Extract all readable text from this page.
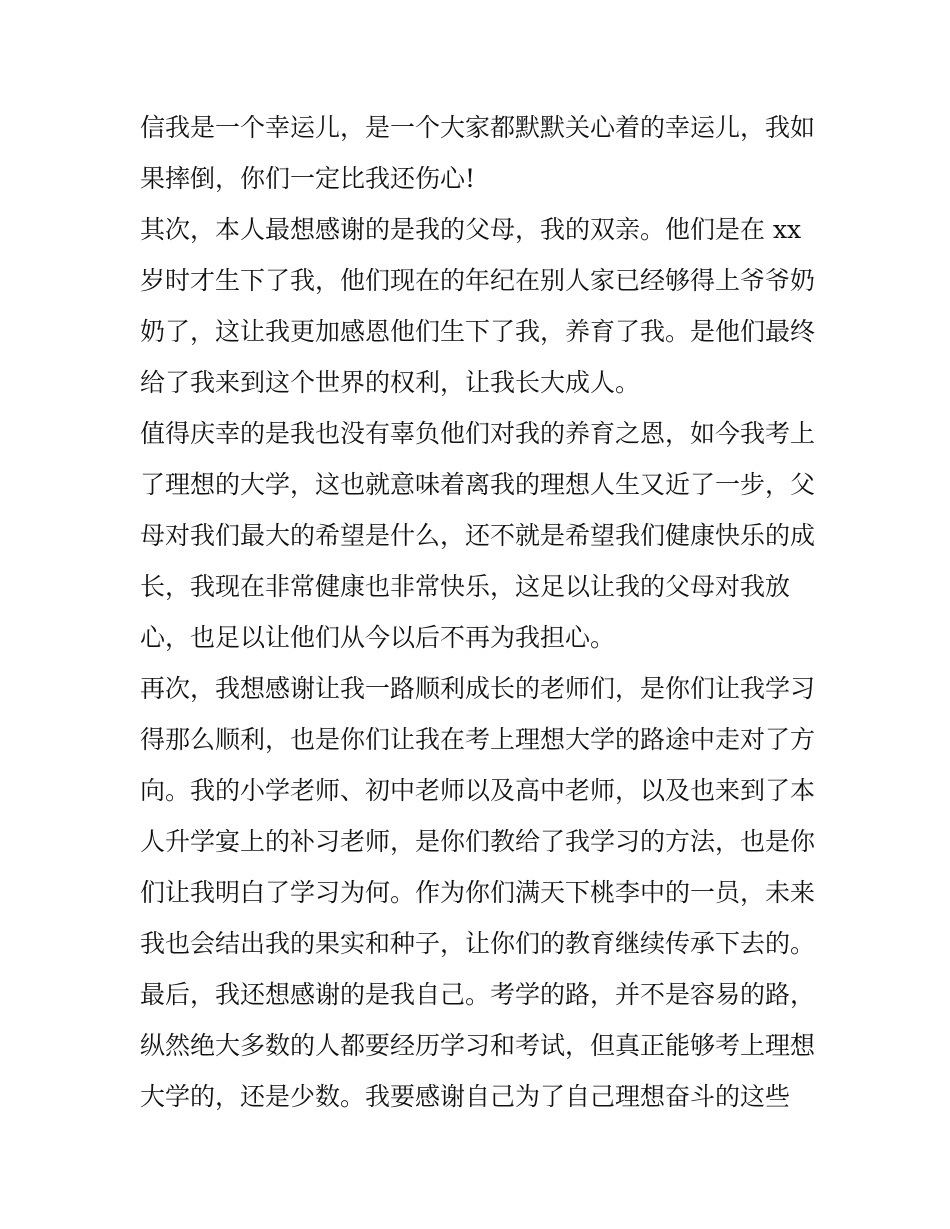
信我是一个幸运儿，是一个大家都默默关心着的幸运儿，我如
果摔倒，你们一定比我还伤心!
其次，本人最想感谢的是我的父母，我的双亲。他们是在 xx
岁时才生下了我，他们现在的年纪在别人家已经够得上爷爷奶
奶了，这让我更加感恩他们生下了我，养育了我。是他们最终
给了我来到这个世界的权利，让我长大成人。
值得庆幸的是我也没有辜负他们对我的养育之恩，如今我考上
了理想的大学，这也就意味着离我的理想人生又近了一步，父
母对我们最大的希望是什么，还不就是希望我们健康快乐的成
长，我现在非常健康也非常快乐，这足以让我的父母对我放
心，也足以让他们从今以后不再为我担心。
再次，我想感谢让我一路顺利成长的老师们，是你们让我学习
得那么顺利，也是你们让我在考上理想大学的路途中走对了方
向。我的小学老师、初中老师以及高中老师，以及也来到了本
人升学宴上的补习老师，是你们教给了我学习的方法，也是你
们让我明白了学习为何。作为你们满天下桃李中的一员，未来
我也会结出我的果实和种子，让你们的教育继续传承下去的。
最后，我还想感谢的是我自己。考学的路，并不是容易的路，
纵然绝大多数的人都要经历学习和考试，但真正能够考上理想
大学的，还是少数。我要感谢自己为了自己理想奋斗的这些
